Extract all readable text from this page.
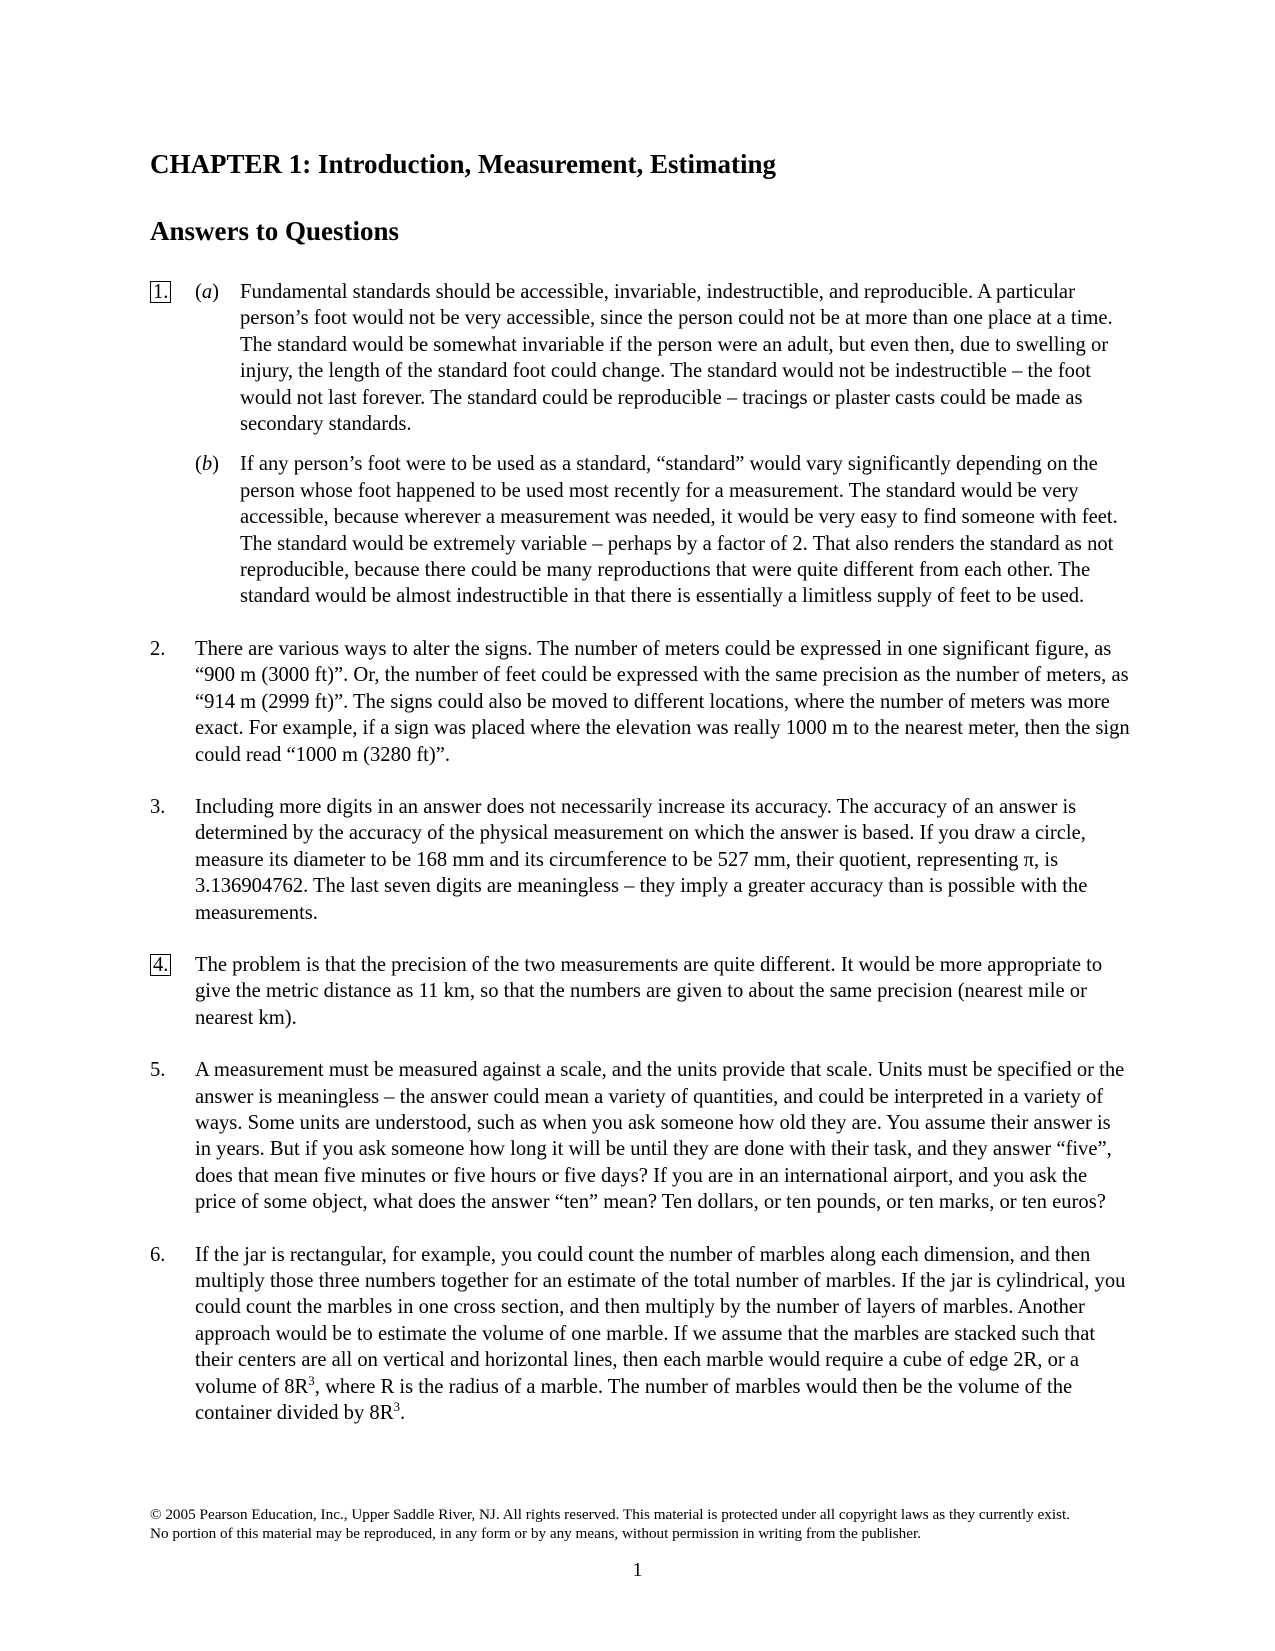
CHAPTER 1: Introduction, Measurement, Estimating
Answers to Questions
1.	(a)	Fundamental standards should be accessible, invariable, indestructible, and reproducible. A particular person’s foot would not be very accessible, since the person could not be at more than one place at a time. The standard would be somewhat invariable if the person were an adult, but even then, due to swelling or injury, the length of the standard foot could change. The standard would not be indestructible – the foot would not last forever. The standard could be reproducible – tracings or plaster casts could be made as secondary standards.
(b)	If any person’s foot were to be used as a standard, “standard” would vary significantly depending on the person whose foot happened to be used most recently for a measurement. The standard would be very accessible, because wherever a measurement was needed, it would be very easy to find someone with feet. The standard would be extremely variable – perhaps by a factor of 2. That also renders the standard as not reproducible, because there could be many reproductions that were quite different from each other. The standard would be almost indestructible in that there is essentially a limitless supply of feet to be used.
2.	There are various ways to alter the signs. The number of meters could be expressed in one significant figure, as “900 m (3000 ft)”. Or, the number of feet could be expressed with the same precision as the number of meters, as “914 m (2999 ft)”. The signs could also be moved to different locations, where the number of meters was more exact. For example, if a sign was placed where the elevation was really 1000 m to the nearest meter, then the sign could read “1000 m (3280 ft)”.
3.	Including more digits in an answer does not necessarily increase its accuracy. The accuracy of an answer is determined by the accuracy of the physical measurement on which the answer is based. If you draw a circle, measure its diameter to be 168 mm and its circumference to be 527 mm, their quotient, representing π, is 3.136904762. The last seven digits are meaningless – they imply a greater accuracy than is possible with the measurements.
4.	The problem is that the precision of the two measurements are quite different. It would be more appropriate to give the metric distance as 11 km, so that the numbers are given to about the same precision (nearest mile or nearest km).
5.	A measurement must be measured against a scale, and the units provide that scale. Units must be specified or the answer is meaningless – the answer could mean a variety of quantities, and could be interpreted in a variety of ways. Some units are understood, such as when you ask someone how old they are. You assume their answer is in years. But if you ask someone how long it will be until they are done with their task, and they answer “five”, does that mean five minutes or five hours or five days? If you are in an international airport, and you ask the price of some object, what does the answer “ten” mean? Ten dollars, or ten pounds, or ten marks, or ten euros?
6.	If the jar is rectangular, for example, you could count the number of marbles along each dimension, and then multiply those three numbers together for an estimate of the total number of marbles. If the jar is cylindrical, you could count the marbles in one cross section, and then multiply by the number of layers of marbles. Another approach would be to estimate the volume of one marble. If we assume that the marbles are stacked such that their centers are all on vertical and horizontal lines, then each marble would require a cube of edge 2R, or a volume of $8R^3$, where R is the radius of a marble. The number of marbles would then be the volume of the container divided by $8R^3$.
© 2005 Pearson Education, Inc., Upper Saddle River, NJ. All rights reserved. This material is protected under all copyright laws as they currently exist. No portion of this material may be reproduced, in any form or by any means, without permission in writing from the publisher.
1
